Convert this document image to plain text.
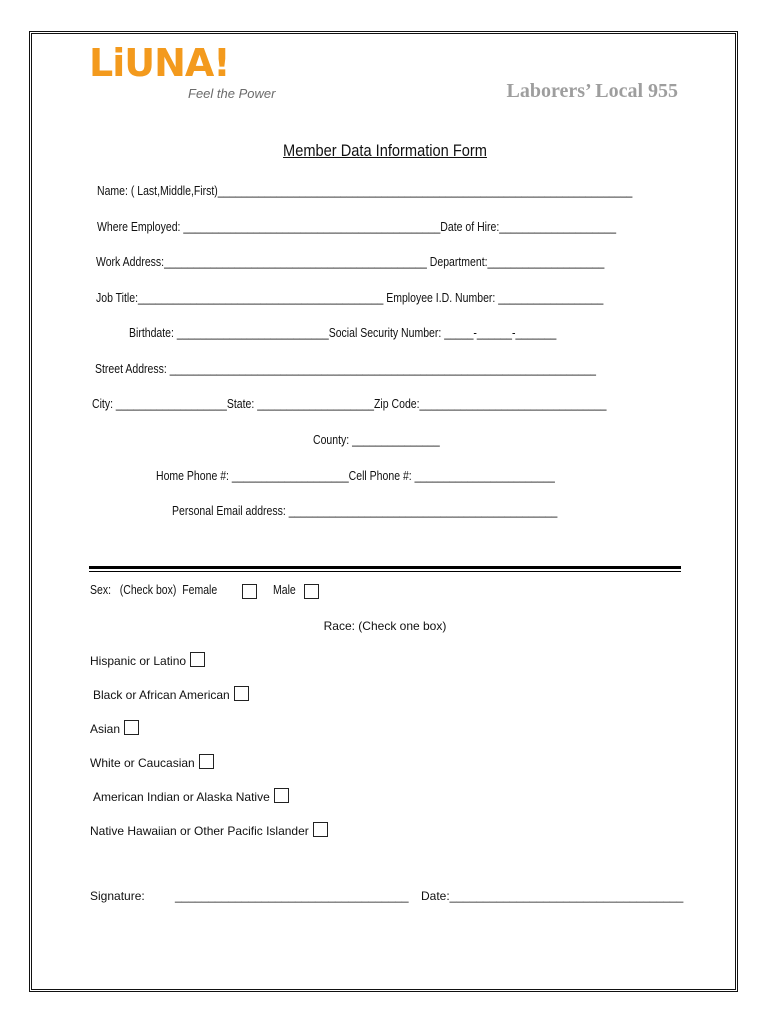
LiUNA!
Feel the Power	Laborers’ Local 955
Member Data Information Form
Name: ( Last,Middle,First)_______________________________________________________________________
Where Employed: ____________________________________________Date of Hire:____________________
Work Address:_____________________________________________ Department:____________________
Job Title:__________________________________________ Employee I.D. Number: __________________
Birthdate: __________________________Social Security Number: _____-______-_______
Street Address: _________________________________________________________________________
City: ___________________State: ____________________Zip Code:________________________________
County: _______________
Home Phone #: ____________________Cell Phone #: ________________________
Personal Email address: ______________________________________________
Sex:   (Check box)  Female	Male
Race: (Check one box)
Hispanic or Latino
Black or African American
Asian
White or Caucasian
American Indian or Alaska Native
Native Hawaiian or Other Pacific Islander
Signature:	___________________________________ Date:___________________________________
